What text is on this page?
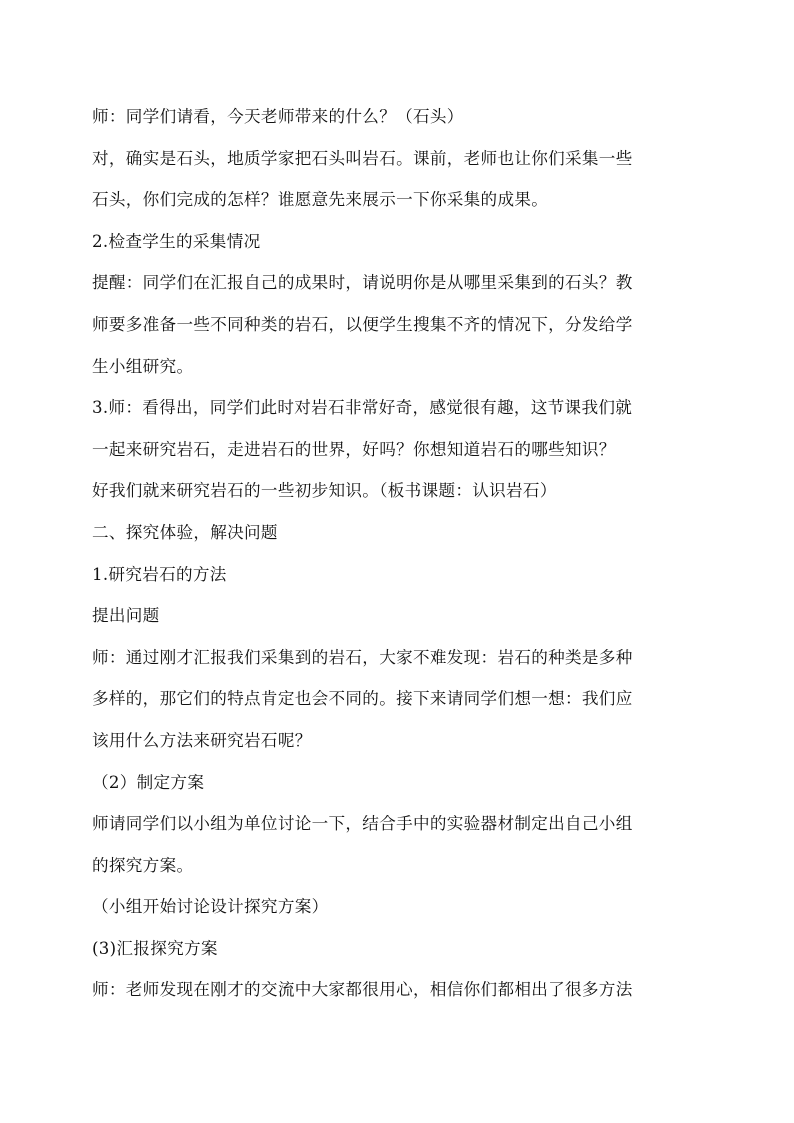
师：同学们请看，今天老师带来的什么？（石头）
对，确实是石头，地质学家把石头叫岩石。课前，老师也让你们采集一些
石头，你们完成的怎样？谁愿意先来展示一下你采集的成果。
2.检查学生的采集情况
提醒：同学们在汇报自己的成果时，请说明你是从哪里采集到的石头？教
师要多准备一些不同种类的岩石，以便学生搜集不齐的情况下，分发给学
生小组研究。
3.师：看得出，同学们此时对岩石非常好奇，感觉很有趣，这节课我们就
一起来研究岩石，走进岩石的世界，好吗？你想知道岩石的哪些知识？
好我们就来研究岩石的一些初步知识。（板书课题：认识岩石）
二、探究体验，解决问题
1.研究岩石的方法
提出问题
师：通过刚才汇报我们采集到的岩石，大家不难发现：岩石的种类是多种
多样的，那它们的特点肯定也会不同的。接下来请同学们想一想：我们应
该用什么方法来研究岩石呢？
（2）制定方案
师请同学们以小组为单位讨论一下，结合手中的实验器材制定出自己小组
的探究方案。
（小组开始讨论设计探究方案）
(3)汇报探究方案
师：老师发现在刚才的交流中大家都很用心，相信你们都相出了很多方法
